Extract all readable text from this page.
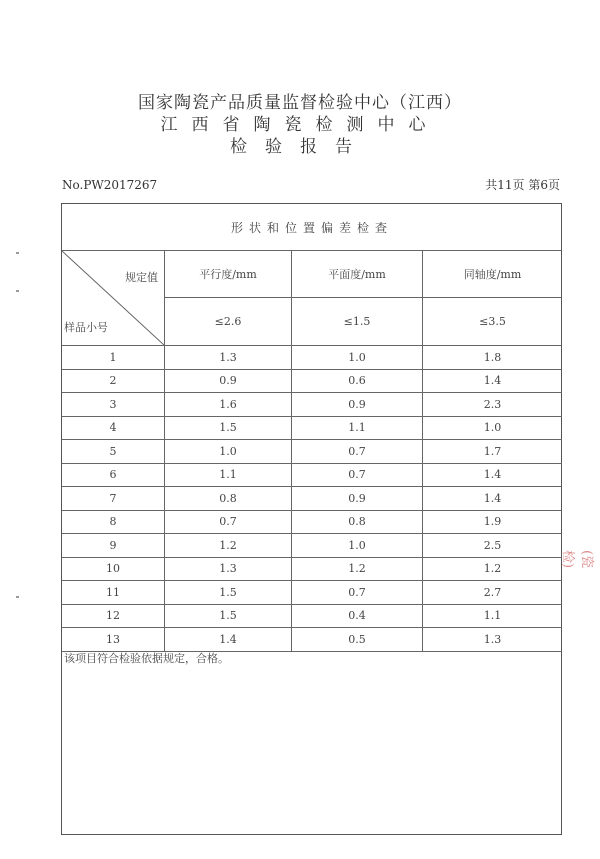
国家陶瓷产品质量监督检验中心（江西）
江西省陶瓷检测中心
检验报告
No.PW2017267	共11页 第6页
形状和位置偏差检查			

规定值
样品小号	平行度/mm	平面度/mm	同轴度/mm
	≤2.6	≤1.5	≤3.5
1	1.3	1.0	1.8
2	0.9	0.6	1.4
3	1.6	0.9	2.3
4	1.5	1.1	1.0
5	1.0	0.7	1.7
6	1.1	0.7	1.4
7	0.8	0.9	1.4
8	0.7	0.8	1.9
9	1.2	1.0	2.5
10	1.3	1.2	1.2
11	1.5	0.7	2.7
12	1.5	0.4	1.1
13	1.4	0.5	1.3
该项目符合检验依据规定，合格。
(瓷检)
